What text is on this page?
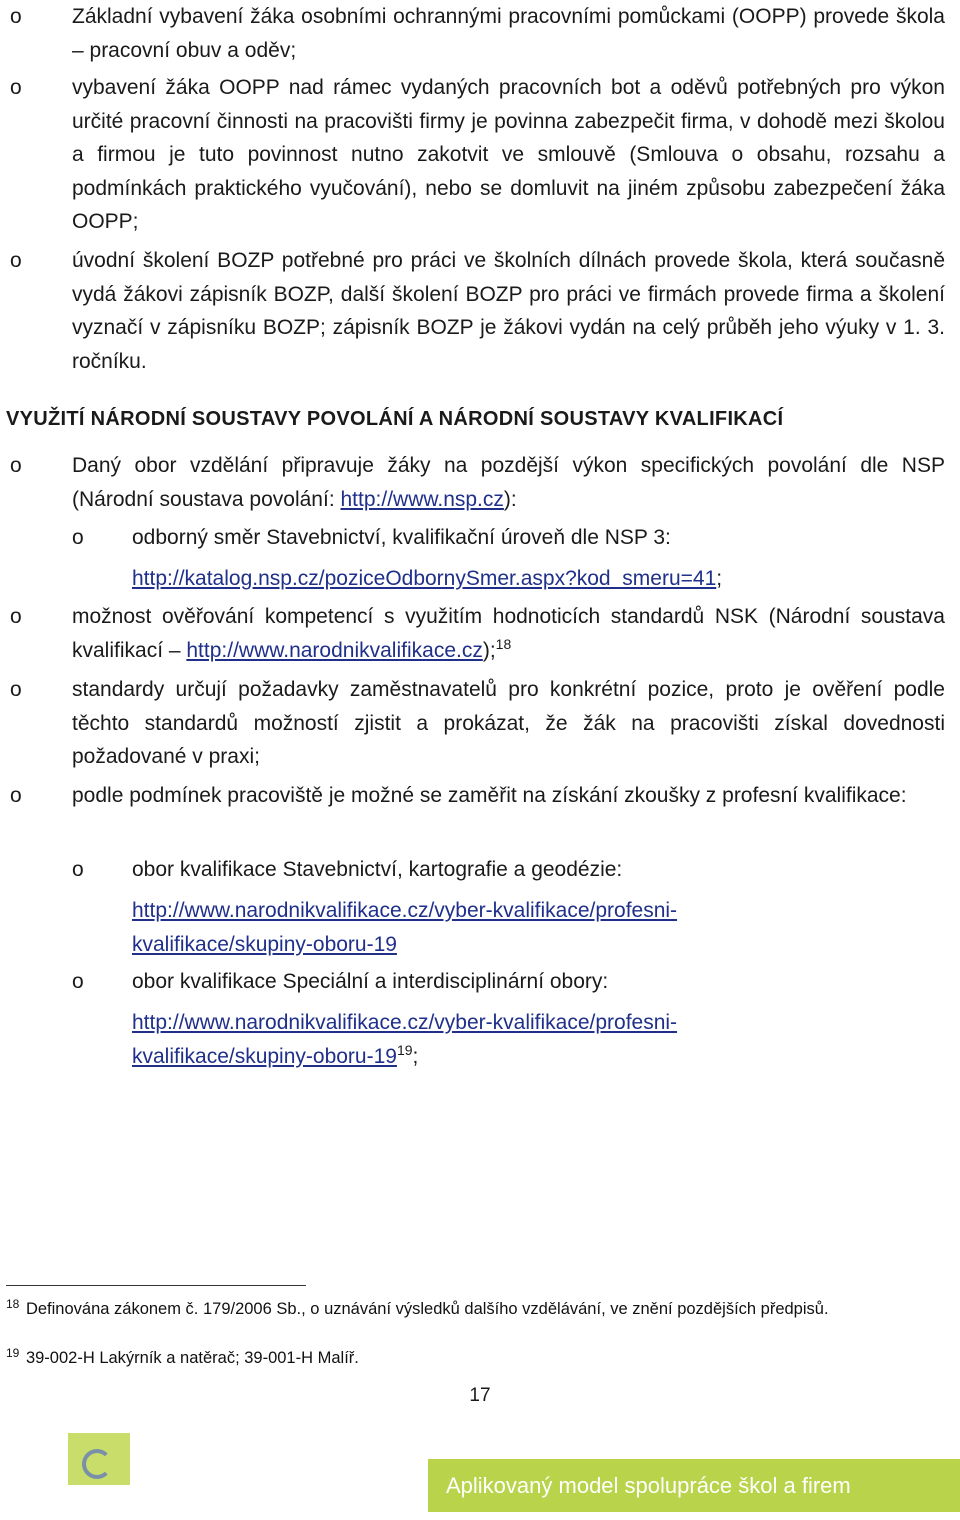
o Základní vybavení žáka osobními ochrannými pracovními pomůckami (OOPP) provede škola – pracovní obuv a oděv;
o vybavení žáka OOPP nad rámec vydaných pracovních bot a oděvů potřebných pro výkon určité pracovní činnosti na pracovišti firmy je povinna zabezpečit firma, v dohodě mezi školou a firmou je tuto povinnost nutno zakotvit ve smlouvě (Smlouva o obsahu, rozsahu a podmínkách praktického vyučování), nebo se domluvit na jiném způsobu zabezpečení žáka OOPP;
o úvodní školení BOZP potřebné pro práci ve školních dílnách provede škola, která současně vydá žákovi zápisník BOZP, další školení BOZP pro práci ve firmách provede firma a školení vyznačí v zápisníku BOZP; zápisník BOZP je žákovi vydán na celý průběh jeho výuky v 1. 3. ročníku.
VYUŽITÍ NÁRODNÍ SOUSTAVY POVOLÁNÍ A NÁRODNÍ SOUSTAVY KVALIFIKACÍ
o Daný obor vzdělání připravuje žáky na pozdější výkon specifických povolání dle NSP (Národní soustava povolání: http://www.nsp.cz):
o odborný směr Stavebnictví, kvalifikační úroveň dle NSP 3:
http://katalog.nsp.cz/poziceOdbornySmer.aspx?kod_smeru=41;
o možnost ověřování kompetencí s využitím hodnoticích standardů NSK (Národní soustava kvalifikací – http://www.narodnikvalifikace.cz);$^{18}$
o standardy určují požadavky zaměstnavatelů pro konkrétní pozice, proto je ověření podle těchto standardů možností zjistit a prokázat, že žák na pracovišti získal dovednosti požadované v praxi;
o podle podmínek pracoviště je možné se zaměřit na získání zkoušky z profesní kvalifikace:
o obor kvalifikace Stavebnictví, kartografie a geodézie:
http://www.narodnikvalifikace.cz/vyber-kvalifikace/profesni-
kvalifikace/skupiny-oboru-19
o obor kvalifikace Speciální a interdisciplinární obory:
http://www.narodnikvalifikace.cz/vyber-kvalifikace/profesni-
kvalifikace/$skupiny-oboru-19^{19}$;
$^{18}$ Definována zákonem č. 179/2006 Sb., o uznávání výsledků dalšího vzdělávání, ve znění pozdějších předpisů.
$^{19}$ 39-002-H Lakýrník a natěrač; 39-001-H Malíř.
17
Aplikovaný model spolupráce škol a firem
